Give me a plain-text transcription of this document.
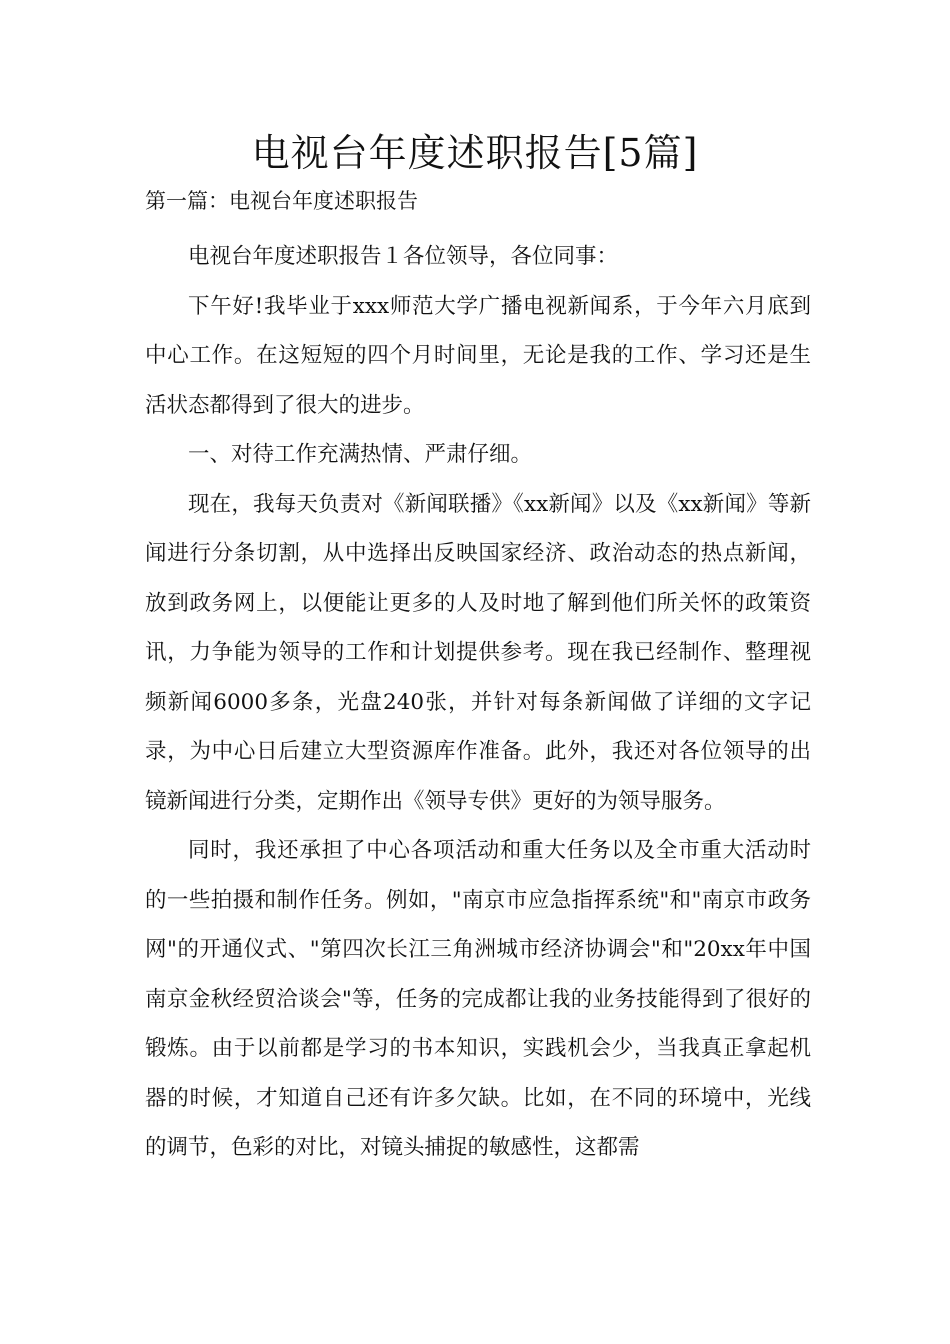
电视台年度述职报告[5篇]
第一篇：电视台年度述职报告

电视台年度述职报告１各位领导，各位同事：

下午好!我毕业于xxx师范大学广播电视新闻系，于今年六月底到中心工作。在这短短的四个月时间里，无论是我的工作、学习还是生活状态都得到了很大的进步。

一、对待工作充满热情、严肃仔细。

现在，我每天负责对《新闻联播》《xx新闻》以及《xx新闻》等新闻进行分条切割，从中选择出反映国家经济、政治动态的热点新闻，放到政务网上，以便能让更多的人及时地了解到他们所关怀的政策资讯，力争能为领导的工作和计划提供参考。现在我已经制作、整理视频新闻6000多条，光盘240张，并针对每条新闻做了详细的文字记录，为中心日后建立大型资源库作准备。此外，我还对各位领导的出镜新闻进行分类，定期作出《领导专供》更好的为领导服务。

同时，我还承担了中心各项活动和重大任务以及全市重大活动时的一些拍摄和制作任务。例如，"南京市应急指挥系统"和"南京市政务网"的开通仪式、"第四次长江三角洲城市经济协调会"和"20xx年中国南京金秋经贸洽谈会"等，任务的完成都让我的业务技能得到了很好的锻炼。由于以前都是学习的书本知识，实践机会少，当我真正拿起机器的时候，才知道自己还有许多欠缺。比如，在不同的环境中，光线的调节，色彩的对比，对镜头捕捉的敏感性，这都需
